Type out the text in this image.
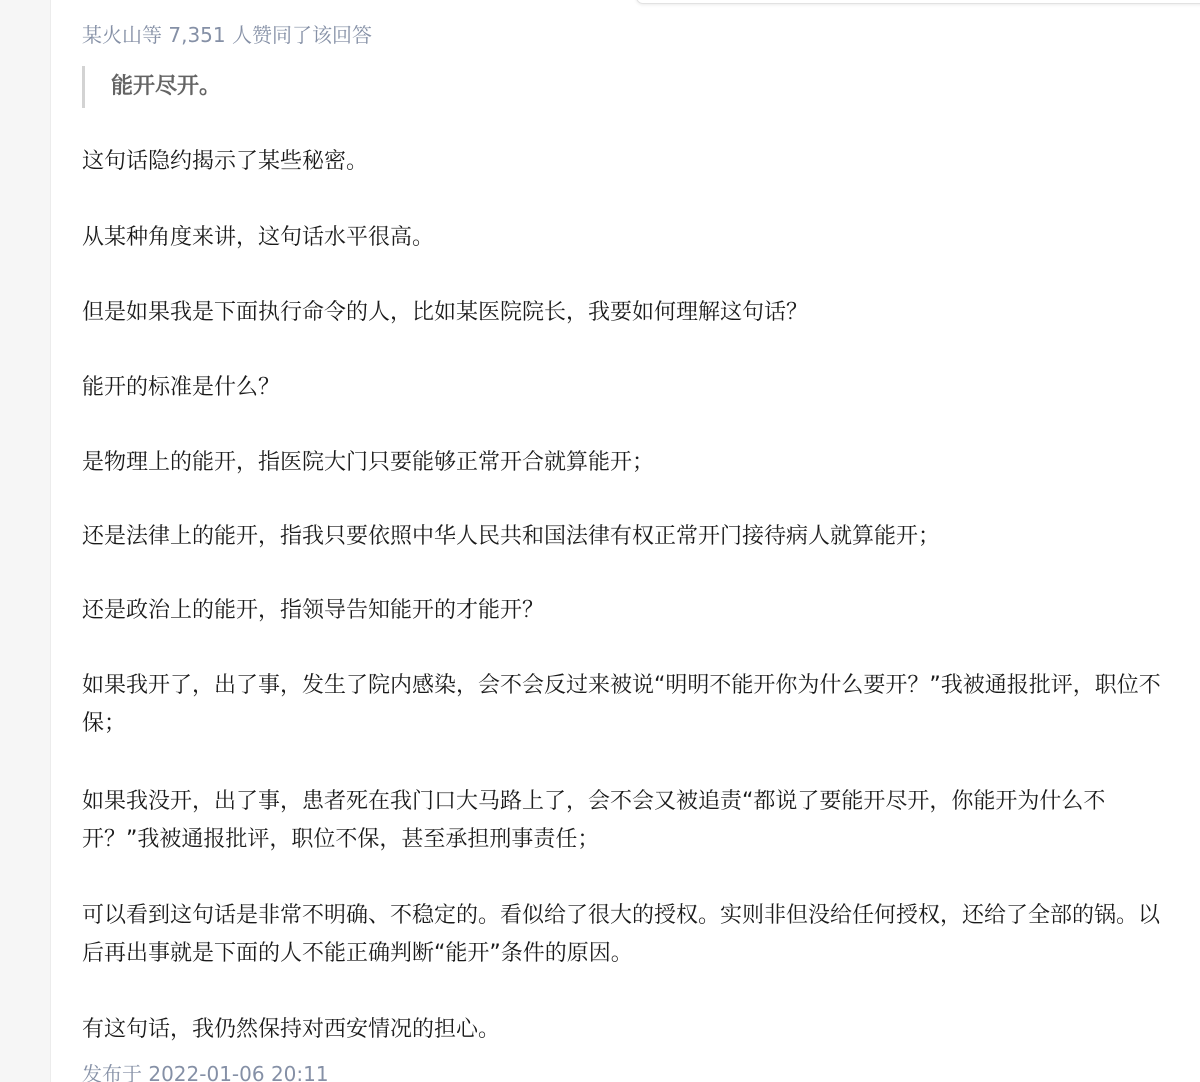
某火山等 7,351 人赞同了该回答
能开尽开。
这句话隐约揭示了某些秘密。
从某种角度来讲，这句话水平很高。
但是如果我是下面执行命令的人，比如某医院院长，我要如何理解这句话？
能开的标准是什么？
是物理上的能开，指医院大门只要能够正常开合就算能开；
还是法律上的能开，指我只要依照中华人民共和国法律有权正常开门接待病人就算能开；
还是政治上的能开，指领导告知能开的才能开？
如果我开了，出了事，发生了院内感染，会不会反过来被说“明明不能开你为什么要开？”我被通报批评，职位不保；
如果我没开，出了事，患者死在我门口大马路上了，会不会又被追责“都说了要能开尽开，你能开为什么不开？”我被通报批评，职位不保，甚至承担刑事责任；
可以看到这句话是非常不明确、不稳定的。看似给了很大的授权。实则非但没给任何授权，还给了全部的锅。以后再出事就是下面的人不能正确判断“能开”条件的原因。
有这句话，我仍然保持对西安情况的担心。
发布于 2022-01-06 20:11
